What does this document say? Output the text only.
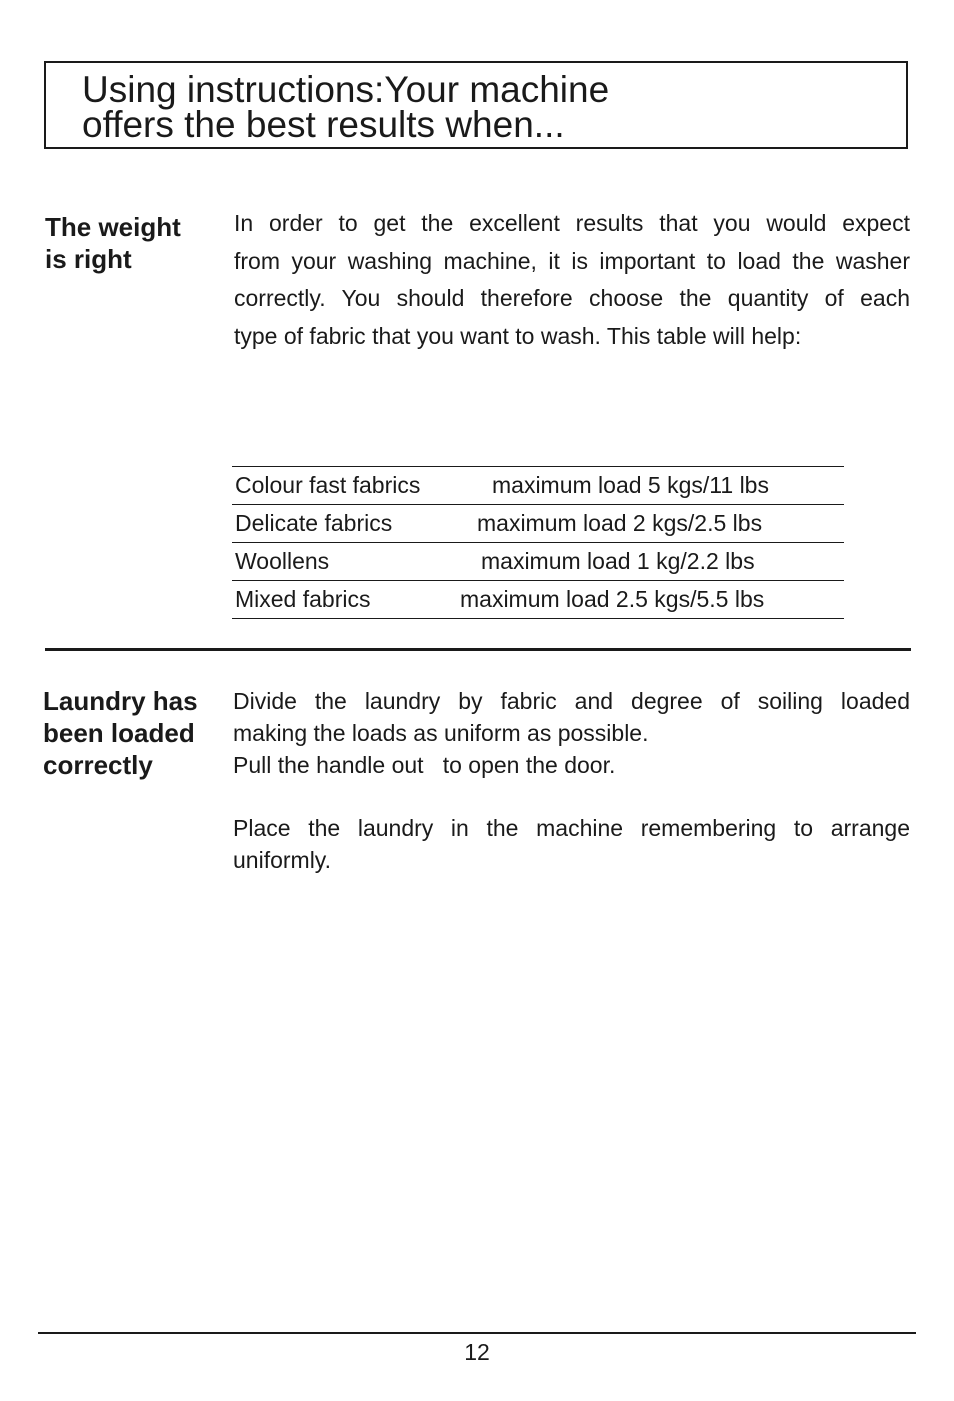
Using instructions:Your machine
offers the best results when...
The weight
is right
In order to get the excellent results that you would expect
from your washing machine, it is important to load the washer
correctly. You should therefore choose the quantity of each
type of fabric that you want to wash. This table will help:
Colour fast fabrics	maximum load 5 kgs/11 lbs
Delicate fabrics	maximum load 2 kgs/2.5 lbs
Woollens	maximum load 1 kg/2.2 lbs
Mixed fabrics	maximum load 2.5 kgs/5.5 lbs
Laundry has
been loaded
correctly
Divide the laundry by fabric and degree of soiling loaded
making the loads as uniform as possible.
Pull the handle out   to open the door.
Place the laundry in the machine remembering to arrange
uniformly.
12
